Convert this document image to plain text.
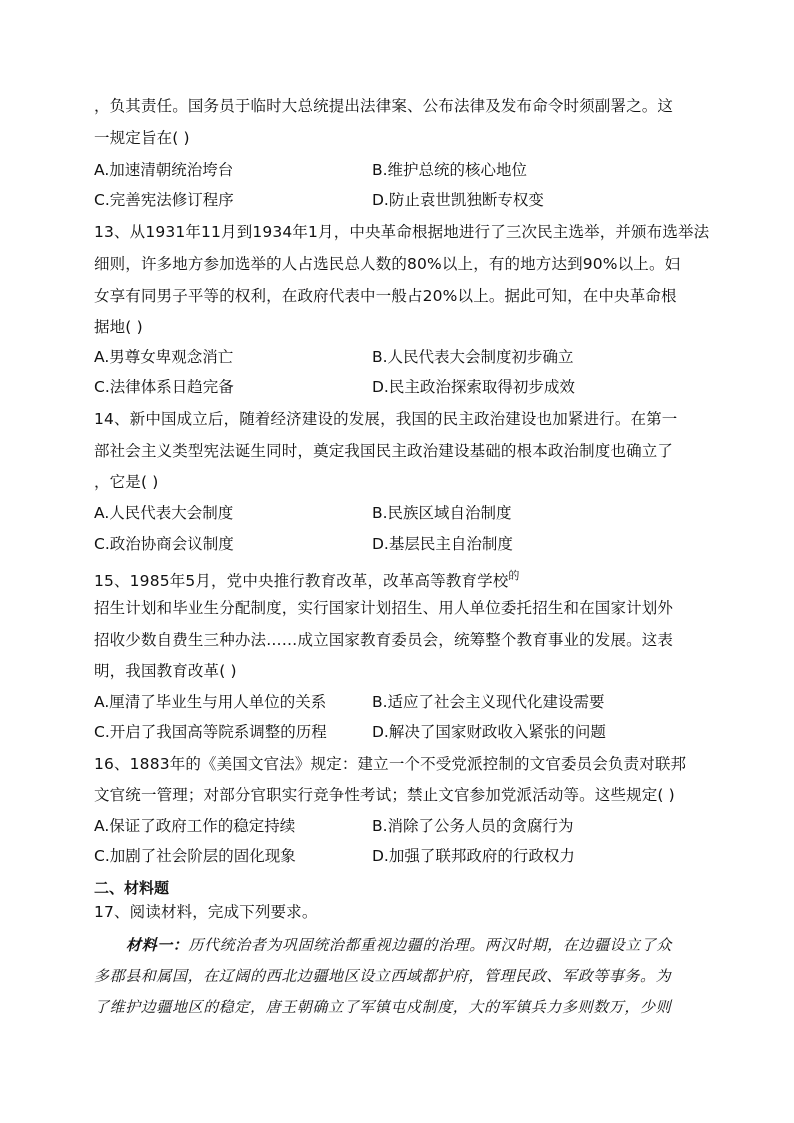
，负其责任。国务员于临时大总统提出法律案、公布法律及发布命令时须副署之。这
一规定旨在( )
A.加速清朝统治垮台	B.维护总统的核心地位
C.完善宪法修订程序	D.防止袁世凯独断专权变
13、从1931年11月到1934年1月，中央革命根据地进行了三次民主选举，并颁布选举法
细则，许多地方参加选举的人占选民总人数的80%以上，有的地方达到90%以上。妇
女享有同男子平等的权利，在政府代表中一般占20%以上。据此可知，在中央革命根
据地( )
A.男尊女卑观念消亡	B.人民代表大会制度初步确立
C.法律体系日趋完备	D.民主政治探索取得初步成效
14、新中国成立后，随着经济建设的发展，我国的民主政治建设也加紧进行。在第一
部社会主义类型宪法诞生同时，奠定我国民主政治建设基础的根本政治制度也确立了
，它是( )
A.人民代表大会制度	B.民族区域自治制度
C.政治协商会议制度	D.基层民主自治制度
15、1985年5月，党中央推行教育改革，改革高等教育学校$^的$
招生计划和毕业生分配制度，实行国家计划招生、用人单位委托招生和在国家计划外
招收少数自费生三种办法……成立国家教育委员会，统筹整个教育事业的发展。这表
明，我国教育改革( )
A.厘清了毕业生与用人单位的关系	B.适应了社会主义现代化建设需要
C.开启了我国高等院系调整的历程	D.解决了国家财政收入紧张的问题
16、1883年的《美国文官法》规定：建立一个不受党派控制的文官委员会负责对联邦
文官统一管理；对部分官职实行竞争性考试；禁止文官参加党派活动等。这些规定( )
A.保证了政府工作的稳定持续	B.消除了公务人员的贪腐行为
C.加剧了社会阶层的固化现象	D.加强了联邦政府的行政权力
二、材料题
17、阅读材料，完成下列要求。
材料一：历代统治者为巩固统治都重视边疆的治理。两汉时期，在边疆设立了众
多郡县和属国，在辽阔的西北边疆地区设立西域都护府，管理民政、军政等事务。为
了维护边疆地区的稳定，唐王朝确立了军镇屯戍制度，大的军镇兵力多则数万，少则
